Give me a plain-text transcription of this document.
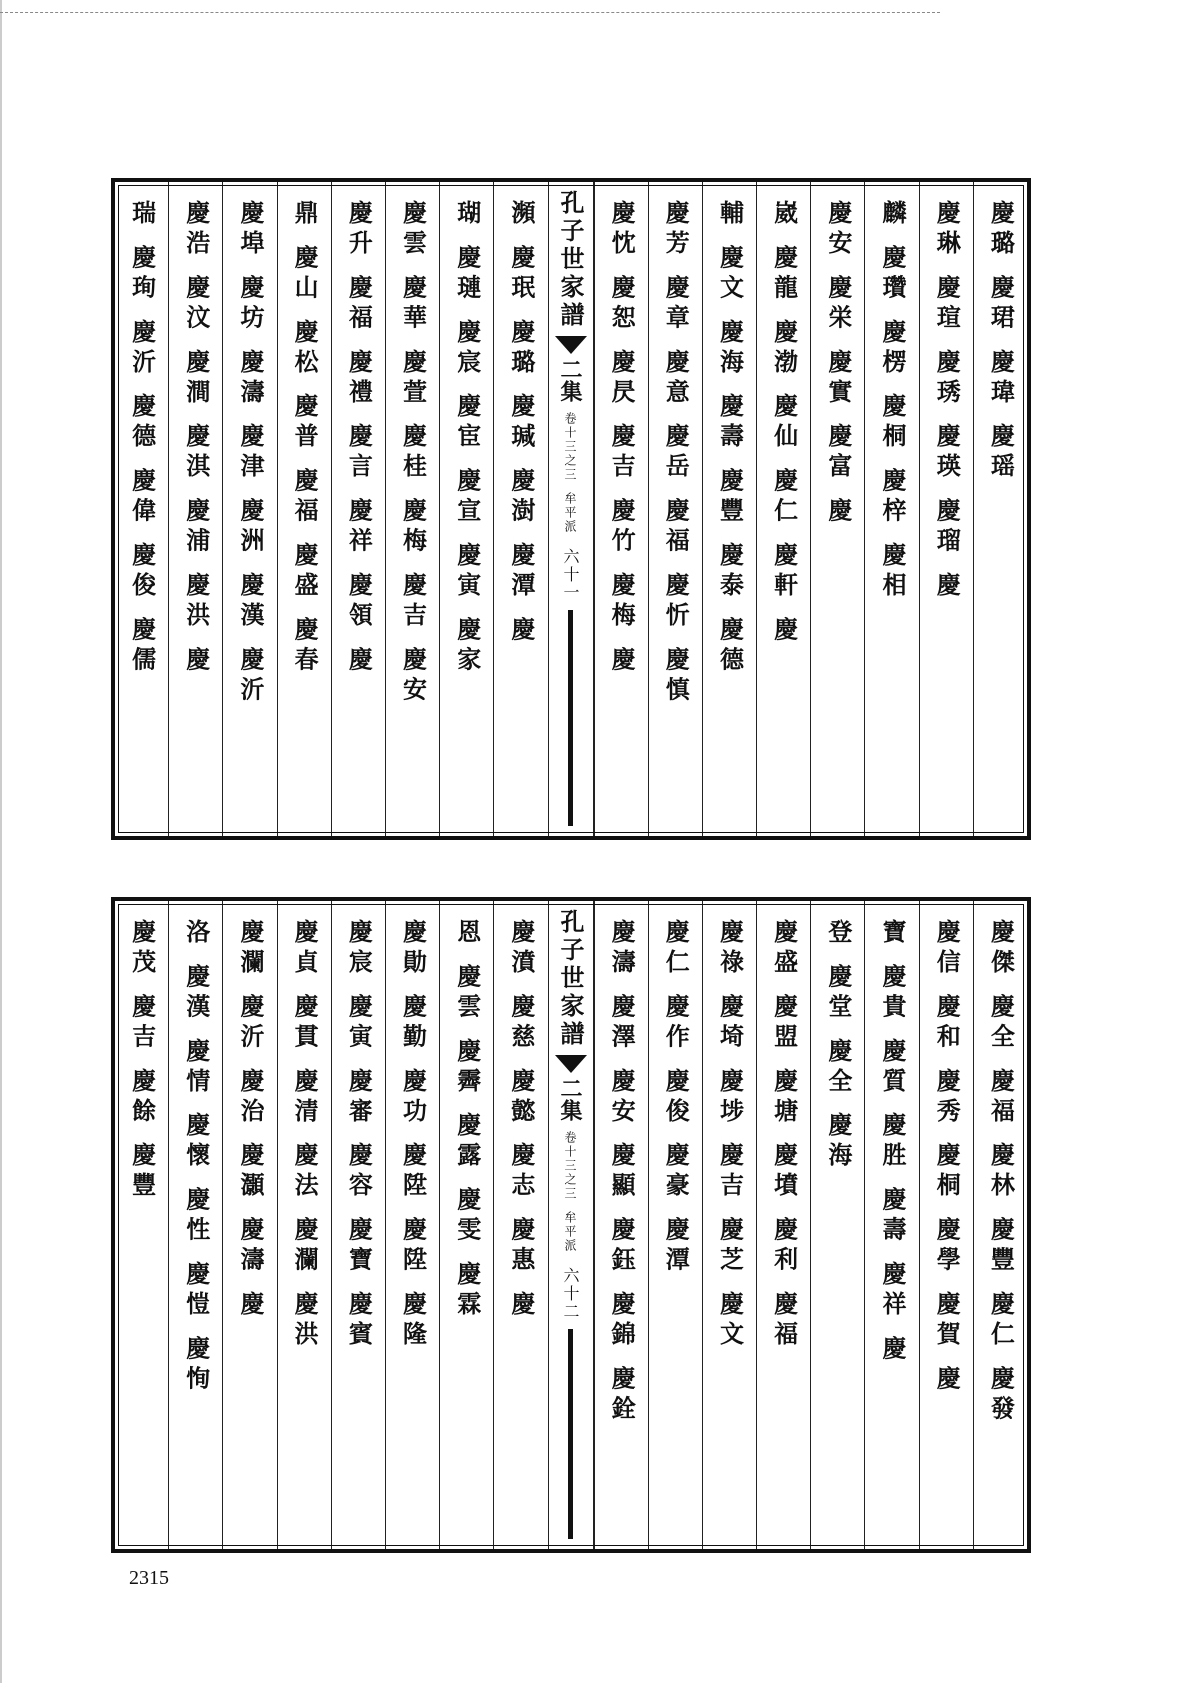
慶璐 慶珺 慶瑋 慶瑶
慶琳 慶瑄 慶琇 慶瑛 慶瑠 慶
麟 慶瓚 慶楞 慶桐 慶梓 慶相
慶安 慶栄 慶實 慶富 慶
崴 慶龍 慶渤 慶仙 慶仁 慶軒 慶
輔 慶文 慶海 慶壽 慶豐 慶泰 慶德
慶芳 慶章 慶意 慶岳 慶福 慶忻 慶慎
慶忱 慶恕 慶昃 慶吉 慶竹 慶梅 慶
孔子世家譜
二集
卷十三之三
牟平派
六十一
瀕 慶珉 慶璐 慶瑊 慶澍 慶潭 慶
瑚 慶璉 慶宸 慶宦 慶宣 慶寅 慶家
慶雲 慶華 慶萱 慶桂 慶梅 慶吉 慶安
慶升 慶福 慶禮 慶言 慶祥 慶領 慶
鼎 慶山 慶松 慶普 慶福 慶盛 慶春
慶埠 慶坊 慶濤 慶津 慶洲 慶漢 慶沂
慶浩 慶汶 慶澗 慶淇 慶浦 慶洪 慶
瑞 慶珣 慶沂 慶德 慶偉 慶俊 慶儒
慶傑 慶全 慶福 慶林 慶豐 慶仁 慶發
慶信 慶和 慶秀 慶桐 慶學 慶賀 慶
寶 慶貴 慶質 慶胜 慶壽 慶祥 慶
登 慶堂 慶全 慶海
慶盛 慶盟 慶塘 慶墳 慶利 慶福
慶祿 慶埼 慶埗 慶吉 慶芝 慶文
慶仁 慶作 慶俊 慶豪 慶潭
慶濤 慶澤 慶安 慶顯 慶鈺 慶錦 慶銓
孔子世家譜
二集
卷十三之三
牟平派
六十二
慶濆 慶慈 慶懿 慶志 慶惠 慶
恩 慶雲 慶霽 慶露 慶雯 慶霖
慶勛 慶勤 慶功 慶陞 慶陞 慶隆
慶宸 慶寅 慶審 慶容 慶寶 慶賓
慶貞 慶貫 慶清 慶法 慶瀾 慶洪
慶瀾 慶沂 慶治 慶灝 慶濤 慶
洛 慶漢 慶情 慶懷 慶性 慶愷 慶恂
慶茂 慶吉 慶餘 慶豐
2315
